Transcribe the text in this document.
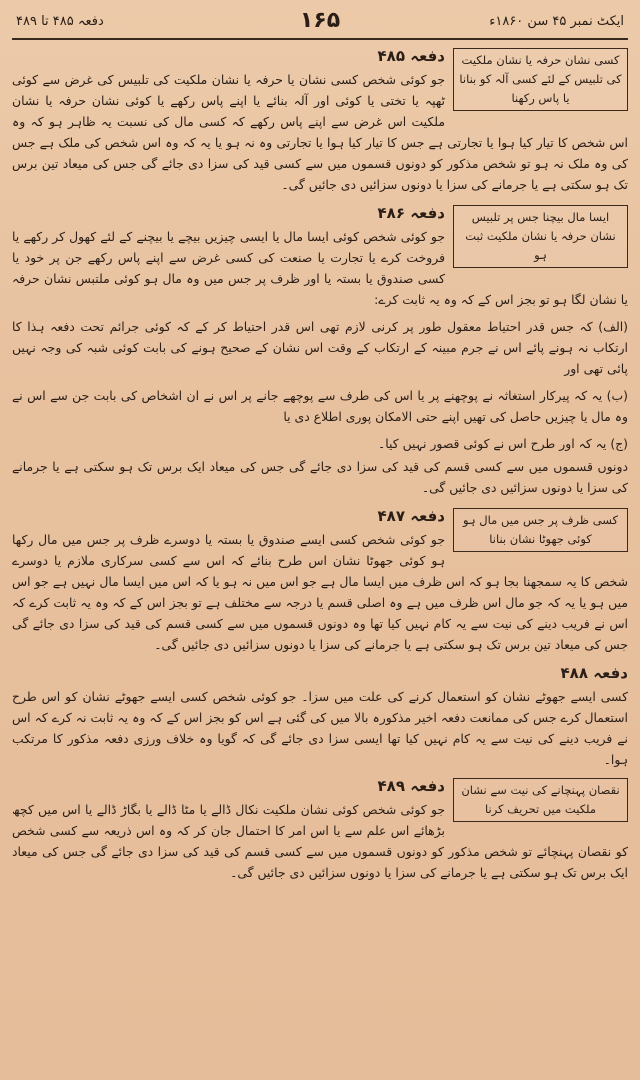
ایکٹ نمبر ۴۵ سن ۱۸۶۰ء
۱۶۵
دفعہ ۴۸۵ تا ۴۸۹
کسی نشان حرفہ یا نشان ملکیت کی تلبیس کے لئے کسی آلہ کو بنانا یا پاس رکھنا
دفعہ ۴۸۵

جو کوئی شخص کسی نشان یا حرفہ یا نشان ملکیت کی تلبیس کی غرض سے کوئی ٹھپہ یا تختی یا کوئی اور آلہ بنائے یا اپنے پاس رکھے یا کوئی نشان حرفہ یا نشان ملکیت اس غرض سے اپنے پاس رکھے کہ کسی مال کی نسبت یہ ظاہر ہو کہ وہ اس شخص کا تیار کیا ہوا یا تجارتی ہے جس کا تیار کیا ہوا یا تجارتی وہ نہ ہو یا یہ کہ وہ اس شخص کی ملک ہے جس کی وہ ملک نہ ہو تو شخص مذکور کو دونوں قسموں میں سے کسی قید کی سزا دی جائے گی جس کی میعاد تین برس تک ہو سکتی ہے یا جرمانے کی سزا یا دونوں سزائیں دی جائیں گی۔

ایسا مال بیچنا جس پر تلبیس نشان حرفہ یا نشان ملکیت ثبت ہو
دفعہ ۴۸۶

جو کوئی شخص کوئی ایسا مال یا ایسی چیزیں بیچے یا بیچنے کے لئے کھول کر رکھے یا فروخت کرے یا تجارت یا صنعت کی کسی غرض سے اپنے پاس رکھے جن پر خود یا کسی صندوق یا بستہ یا اور ظرف پر جس میں وہ مال ہو کوئی ملتبس نشان حرفہ یا نشان لگا ہو تو بجز اس کے کہ وہ یہ ثابت کرے:

(الف) کہ جس قدر احتیاط معقول طور پر کرنی لازم تھی اس قدر احتیاط کر کے کہ کوئی جرائم تحت دفعہ ہذا کا ارتکاب نہ ہونے پائے اس نے جرم مبینہ کے ارتکاب کے وقت اس نشان کے صحیح ہونے کی بابت کوئی شبہ کی وجہ نہیں پائی تھی اور

(ب) یہ کہ پیرکار استغاثہ نے پوچھنے پر یا اس کی طرف سے پوچھے جانے پر اس نے ان اشخاص کی بابت جن سے اس نے وہ مال یا چیزیں حاصل کی تھیں اپنے حتی الامکان پوری اطلاع دی یا

(ج) یہ کہ اور طرح اس نے کوئی قصور نہیں کیا۔

دونوں قسموں میں سے کسی قسم کی قید کی سزا دی جائے گی جس کی میعاد ایک برس تک ہو سکتی ہے یا جرمانے کی سزا یا دونوں سزائیں دی جائیں گی۔

کسی ظرف پر جس میں مال ہو کوئی جھوٹا نشان بنانا
دفعہ ۴۸۷

جو کوئی شخص کسی ایسے صندوق یا بستہ یا دوسرے ظرف پر جس میں مال رکھا ہو کوئی جھوٹا نشان اس طرح بنائے کہ اس سے کسی سرکاری ملازم یا دوسرے شخص کا یہ سمجھنا بجا ہو کہ اس ظرف میں ایسا مال ہے جو اس میں نہ ہو یا کہ اس میں ایسا مال نہیں ہے جو اس میں ہو یا یہ کہ جو مال اس ظرف میں ہے وہ اصلی قسم یا درجہ سے مختلف ہے تو بجز اس کے کہ وہ یہ ثابت کرے کہ اس نے فریب دینے کی نیت سے یہ کام نہیں کیا تھا وہ دونوں قسموں میں سے کسی قسم کی قید کی سزا دی جائے گی جس کی میعاد تین برس تک ہو سکتی ہے یا جرمانے کی سزا یا دونوں سزائیں دی جائیں گی۔

دفعہ ۴۸۸

کسی ایسے جھوٹے نشان کو استعمال کرنے کی علت میں سزا۔ جو کوئی شخص کسی ایسے جھوٹے نشان کو اس طرح استعمال کرے جس کی ممانعت دفعہ اخیر مذکورہ بالا میں کی گئی ہے اس کو بجز اس کے کہ وہ یہ ثابت نہ کرے کہ اس نے فریب دینے کی نیت سے یہ کام نہیں کیا تھا ایسی سزا دی جائے گی کہ گویا وہ خلاف ورزی دفعہ مذکور کا مرتکب ہوا۔

نقصان پہنچانے کی نیت سے نشان ملکیت میں تحریف کرنا
دفعہ ۴۸۹

جو کوئی شخص کوئی نشان ملکیت نکال ڈالے یا مٹا ڈالے یا بگاڑ ڈالے یا اس میں کچھ بڑھائے اس علم سے یا اس امر کا احتمال جان کر کہ وہ اس ذریعہ سے کسی شخص کو نقصان پہنچائے تو شخص مذکور کو دونوں قسموں میں سے کسی قسم کی قید کی سزا دی جائے گی جس کی میعاد ایک برس تک ہو سکتی ہے یا جرمانے کی سزا یا دونوں سزائیں دی جائیں گی۔
